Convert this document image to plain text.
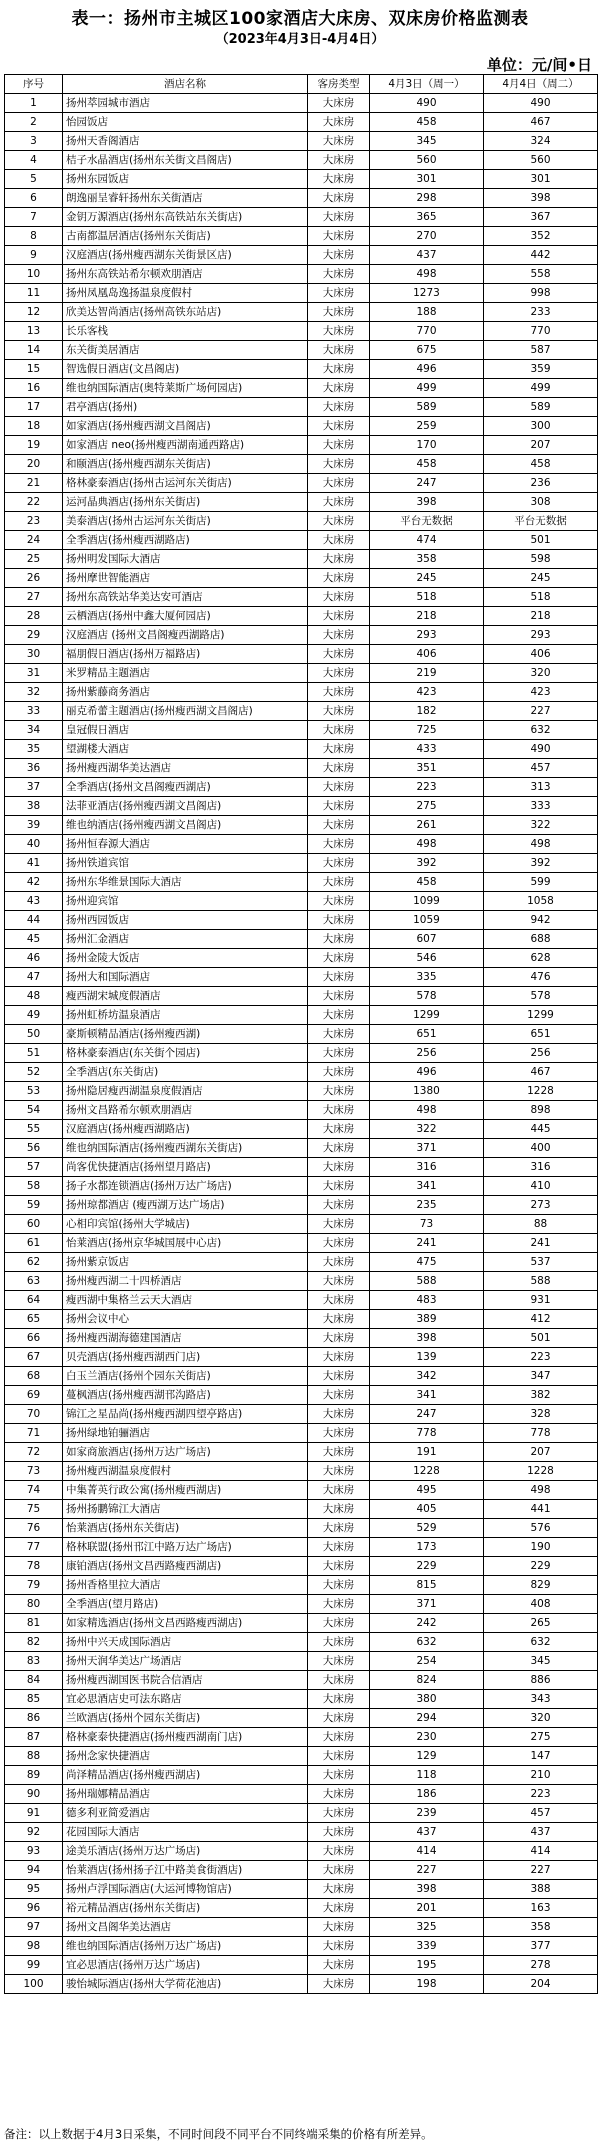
表一：扬州市主城区100家酒店大床房、双床房价格监测表
（2023年4月3日-4月4日）
单位：元/间•日
序号	酒店名称	客房类型	4月3日（周一）	4月4日（周二）
1	扬州萃园城市酒店	大床房	490	490
2	怡园饭店	大床房	458	467
3	扬州天香阁酒店	大床房	345	324
4	桔子水晶酒店(扬州东关街文昌阁店)	大床房	560	560
5	扬州东园饭店	大床房	301	301
6	朗逸丽呈睿轩扬州东关街酒店	大床房	298	398
7	金钥万源酒店(扬州东高铁站东关街店)	大床房	365	367
8	古南都温居酒店(扬州东关街店)	大床房	270	352
9	汉庭酒店(扬州瘦西湖东关街景区店)	大床房	437	442
10	扬州东高铁站希尔顿欢朋酒店	大床房	498	558
11	扬州凤凰岛逸扬温泉度假村	大床房	1273	998
12	欣美达智尚酒店(扬州高铁东站店)	大床房	188	233
13	长乐客栈	大床房	770	770
14	东关街美居酒店	大床房	675	587
15	智选假日酒店(文昌阁店)	大床房	496	359
16	维也纳国际酒店(奥特莱斯广场何园店)	大床房	499	499
17	君亭酒店(扬州)	大床房	589	589
18	如家酒店(扬州瘦西湖文昌阁店)	大床房	259	300
19	如家酒店 neo(扬州瘦西湖南通西路店)	大床房	170	207
20	和颐酒店(扬州瘦西湖东关街店)	大床房	458	458
21	格林豪泰酒店(扬州古运河东关街店)	大床房	247	236
22	运河晶典酒店(扬州东关街店)	大床房	398	308
23	美泰酒店(扬州古运河东关街店)	大床房	平台无数据	平台无数据
24	全季酒店(扬州瘦西湖路店)	大床房	474	501
25	扬州明发国际大酒店	大床房	358	598
26	扬州摩世智能酒店	大床房	245	245
27	扬州东高铁站华美达安可酒店	大床房	518	518
28	云栖酒店(扬州中鑫大厦何园店)	大床房	218	218
29	汉庭酒店 (扬州文昌阁瘦西湖路店)	大床房	293	293
30	福朋假日酒店(扬州万福路店)	大床房	406	406
31	米罗精品主题酒店	大床房	219	320
32	扬州紫藤商务酒店	大床房	423	423
33	丽克希蕾主题酒店(扬州瘦西湖文昌阁店)	大床房	182	227
34	皇冠假日酒店	大床房	725	632
35	望湖楼大酒店	大床房	433	490
36	扬州瘦西湖华美达酒店	大床房	351	457
37	全季酒店(扬州文昌阁瘦西湖店)	大床房	223	313
38	法菲亚酒店(扬州瘦西湖文昌阁店)	大床房	275	333
39	维也纳酒店(扬州瘦西湖文昌阁店)	大床房	261	322
40	扬州恒春源大酒店	大床房	498	498
41	扬州铁道宾馆	大床房	392	392
42	扬州东华维景国际大酒店	大床房	458	599
43	扬州迎宾馆	大床房	1099	1058
44	扬州西园饭店	大床房	1059	942
45	扬州汇金酒店	大床房	607	688
46	扬州金陵大饭店	大床房	546	628
47	扬州大和国际酒店	大床房	335	476
48	瘦西湖宋城度假酒店	大床房	578	578
49	扬州虹桥坊温泉酒店	大床房	1299	1299
50	豪斯顿精品酒店(扬州瘦西湖)	大床房	651	651
51	格林豪泰酒店(东关街个园店)	大床房	256	256
52	全季酒店(东关街店)	大床房	496	467
53	扬州隐居瘦西湖温泉度假酒店	大床房	1380	1228
54	扬州文昌路希尔顿欢朋酒店	大床房	498	898
55	汉庭酒店(扬州瘦西湖路店)	大床房	322	445
56	维也纳国际酒店(扬州瘦西湖东关街店)	大床房	371	400
57	尚客优快捷酒店(扬州望月路店)	大床房	316	316
58	扬子水都连锁酒店(扬州万达广场店)	大床房	341	410
59	扬州琼都酒店 (瘦西湖万达广场店)	大床房	235	273
60	心相印宾馆(扬州大学城店)	大床房	73	88
61	怡莱酒店(扬州京华城国展中心店)	大床房	241	241
62	扬州紫京饭店	大床房	475	537
63	扬州瘦西湖二十四桥酒店	大床房	588	588
64	瘦西湖中集格兰云天大酒店	大床房	483	931
65	扬州会议中心	大床房	389	412
66	扬州瘦西湖海德建国酒店	大床房	398	501
67	贝壳酒店(扬州瘦西湖西门店)	大床房	139	223
68	白玉兰酒店(扬州个园东关街店)	大床房	342	347
69	蔓枫酒店(扬州瘦西湖邗沟路店)	大床房	341	382
70	锦江之星品尚(扬州瘦西湖四望亭路店)	大床房	247	328
71	扬州绿地铂骊酒店	大床房	778	778
72	如家商旅酒店(扬州万达广场店)	大床房	191	207
73	扬州瘦西湖温泉度假村	大床房	1228	1228
74	中集菁英行政公寓(扬州瘦西湖店)	大床房	495	498
75	扬州扬鹏锦江大酒店	大床房	405	441
76	怡莱酒店(扬州东关街店)	大床房	529	576
77	格林联盟(扬州邗江中路万达广场店)	大床房	173	190
78	康铂酒店(扬州文昌西路瘦西湖店)	大床房	229	229
79	扬州香格里拉大酒店	大床房	815	829
80	全季酒店(望月路店)	大床房	371	408
81	如家精选酒店(扬州文昌西路瘦西湖店)	大床房	242	265
82	扬州中兴天成国际酒店	大床房	632	632
83	扬州天润华美达广场酒店	大床房	254	345
84	扬州瘦西湖国医书院合信酒店	大床房	824	886
85	宜必思酒店史可法东路店	大床房	380	343
86	兰欧酒店(扬州个园东关街店)	大床房	294	320
87	格林豪泰快捷酒店(扬州瘦西湖南门店)	大床房	230	275
88	扬州念家快捷酒店	大床房	129	147
89	尚泽精品酒店(扬州瘦西湖店)	大床房	118	210
90	扬州瑞娜精品酒店	大床房	186	223
91	德多利亚简爱酒店	大床房	239	457
92	花园国际大酒店	大床房	437	437
93	途美乐酒店(扬州万达广场店)	大床房	414	414
94	怡莱酒店(扬州扬子江中路美食街酒店)	大床房	227	227
95	扬州卢浮国际酒店(大运河博物馆店)	大床房	398	388
96	裕元精品酒店(扬州东关街店)	大床房	201	163
97	扬州文昌阁华美达酒店	大床房	325	358
98	维也纳国际酒店(扬州万达广场店)	大床房	339	377
99	宜必思酒店(扬州万达广场店)	大床房	195	278
100	骏怡城际酒店(扬州大学荷花池店)	大床房	198	204
备注：以上数据于4月3日采集，不同时间段不同平台不同终端采集的价格有所差异。
